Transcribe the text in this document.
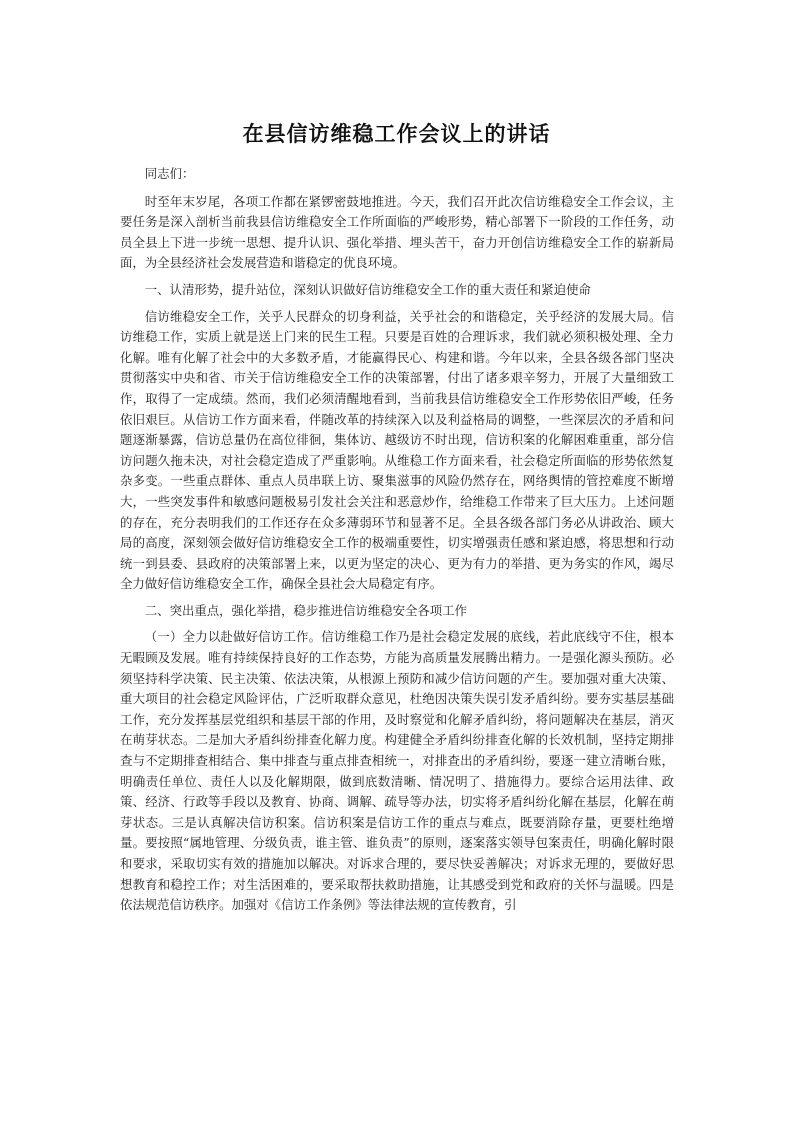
在县信访维稳工作会议上的讲话

同志们：

时至年末岁尾，各项工作都在紧锣密鼓地推进。今天，我们召开此次信访维稳安全工作会议，主要任务是深入剖析当前我县信访维稳安全工作所面临的严峻形势，精心部署下一阶段的工作任务，动员全县上下进一步统一思想、提升认识、强化举措、埋头苦干，奋力开创信访维稳安全工作的崭新局面，为全县经济社会发展营造和谐稳定的优良环境。

一、认清形势，提升站位，深刻认识做好信访维稳安全工作的重大责任和紧迫使命

信访维稳安全工作，关乎人民群众的切身利益，关乎社会的和谐稳定，关乎经济的发展大局。信访维稳工作，实质上就是送上门来的民生工程。只要是百姓的合理诉求，我们就必须积极处理、全力化解。唯有化解了社会中的大多数矛盾，才能赢得民心、构建和谐。今年以来，全县各级各部门坚决贯彻落实中央和省、市关于信访维稳安全工作的决策部署，付出了诸多艰辛努力，开展了大量细致工作，取得了一定成绩。然而，我们必须清醒地看到，当前我县信访维稳安全工作形势依旧严峻，任务依旧艰巨。从信访工作方面来看，伴随改革的持续深入以及利益格局的调整，一些深层次的矛盾和问题逐渐暴露，信访总量仍在高位徘徊，集体访、越级访不时出现，信访积案的化解困难重重，部分信访问题久拖未决，对社会稳定造成了严重影响。从维稳工作方面来看，社会稳定所面临的形势依然复杂多变。一些重点群体、重点人员串联上访、聚集滋事的风险仍然存在，网络舆情的管控难度不断增大，一些突发事件和敏感问题极易引发社会关注和恶意炒作，给维稳工作带来了巨大压力。上述问题的存在，充分表明我们的工作还存在众多薄弱环节和显著不足。全县各级各部门务必从讲政治、顾大局的高度，深刻领会做好信访维稳安全工作的极端重要性，切实增强责任感和紧迫感，将思想和行动统一到县委、县政府的决策部署上来，以更为坚定的决心、更为有力的举措、更为务实的作风，竭尽全力做好信访维稳安全工作，确保全县社会大局稳定有序。

二、突出重点，强化举措，稳步推进信访维稳安全各项工作

（一）全力以赴做好信访工作。信访维稳工作乃是社会稳定发展的底线，若此底线守不住，根本无暇顾及发展。唯有持续保持良好的工作态势，方能为高质量发展腾出精力。一是强化源头预防。必须坚持科学决策、民主决策、依法决策，从根源上预防和减少信访问题的产生。要加强对重大决策、重大项目的社会稳定风险评估，广泛听取群众意见，杜绝因决策失误引发矛盾纠纷。要夯实基层基础工作，充分发挥基层党组织和基层干部的作用，及时察觉和化解矛盾纠纷，将问题解决在基层，消灭在萌芽状态。二是加大矛盾纠纷排查化解力度。构建健全矛盾纠纷排查化解的长效机制，坚持定期排查与不定期排查相结合、集中排查与重点排查相统一，对排查出的矛盾纠纷，要逐一建立清晰台账，明确责任单位、责任人以及化解期限，做到底数清晰、情况明了、措施得力。要综合运用法律、政策、经济、行政等手段以及教育、协商、调解、疏导等办法，切实将矛盾纠纷化解在基层，化解在萌芽状态。三是认真解决信访积案。信访积案是信访工作的重点与难点，既要消除存量，更要杜绝增量。要按照“属地管理、分级负责，谁主管、谁负责”的原则，逐案落实领导包案责任，明确化解时限和要求，采取切实有效的措施加以解决。对诉求合理的，要尽快妥善解决；对诉求无理的，要做好思想教育和稳控工作；对生活困难的，要采取帮扶救助措施，让其感受到党和政府的关怀与温暖。四是依法规范信访秩序。加强对《信访工作条例》等法律法规的宣传教育，引
